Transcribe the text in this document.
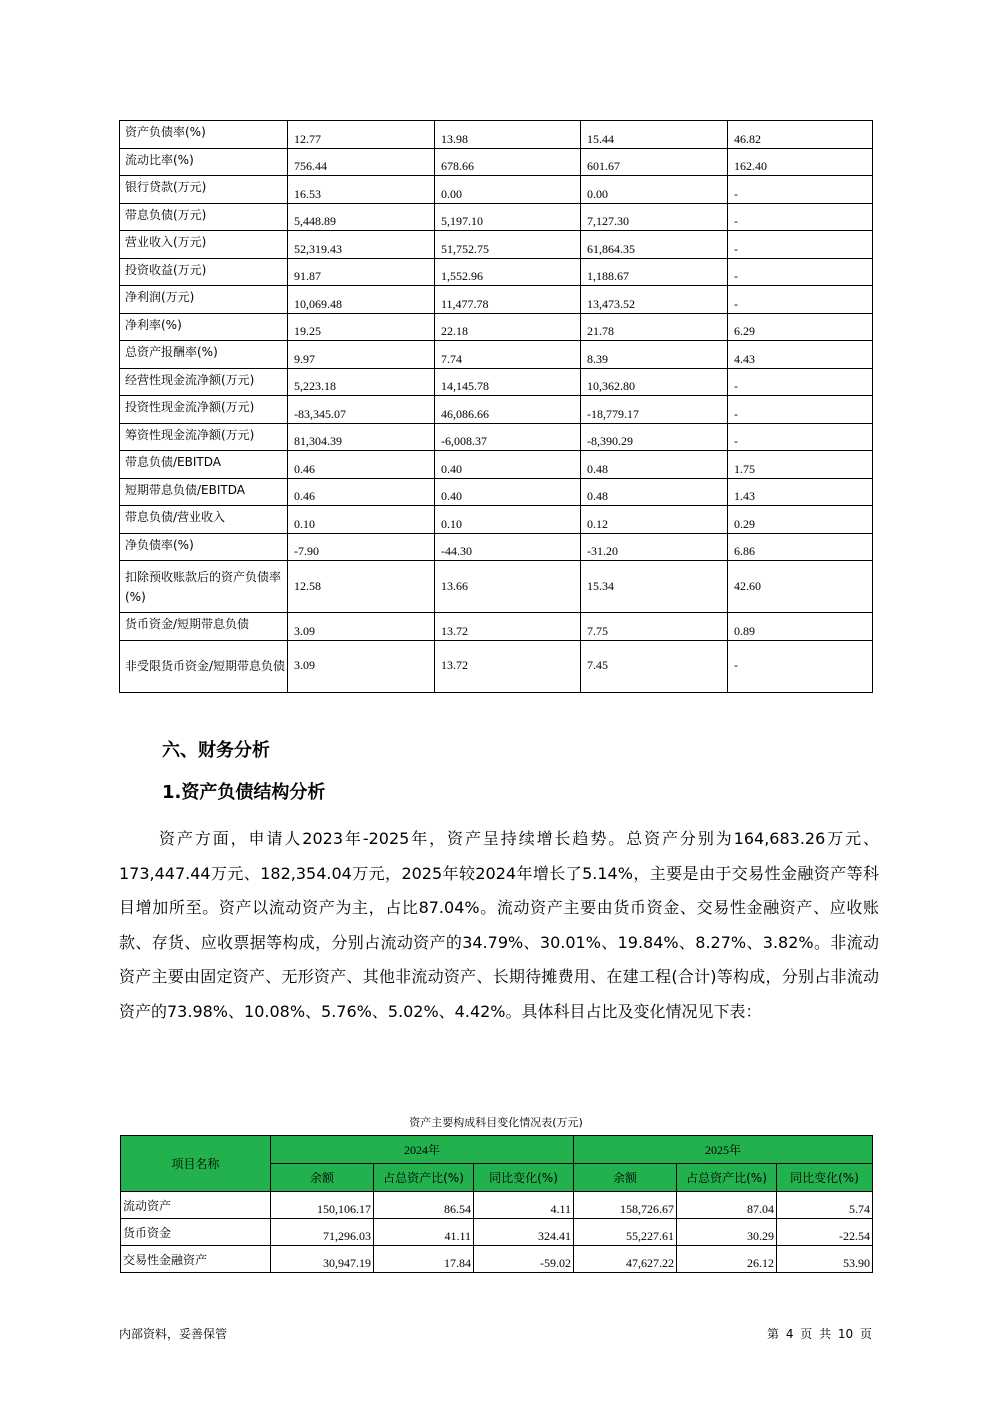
资产负债率(%)	12.77	13.98	15.44	46.82
流动比率(%)	756.44	678.66	601.67	162.40
银行贷款(万元)	16.53	0.00	0.00	-
带息负债(万元)	5,448.89	5,197.10	7,127.30	-
营业收入(万元)	52,319.43	51,752.75	61,864.35	-
投资收益(万元)	91.87	1,552.96	1,188.67	-
净利润(万元)	10,069.48	11,477.78	13,473.52	-
净利率(%)	19.25	22.18	21.78	6.29
总资产报酬率(%)	9.97	7.74	8.39	4.43
经营性现金流净额(万元)	5,223.18	14,145.78	10,362.80	-
投资性现金流净额(万元)	-83,345.07	46,086.66	-18,779.17	-
筹资性现金流净额(万元)	81,304.39	-6,008.37	-8,390.29	-
带息负债/EBITDA	0.46	0.40	0.48	1.75
短期带息负债/EBITDA	0.46	0.40	0.48	1.43
带息负债/营业收入	0.10	0.10	0.12	0.29
净负债率(%)	-7.90	-44.30	-31.20	6.86
扣除预收账款后的资产负债率(%)	12.58	13.66	15.34	42.60
货币资金/短期带息负债	3.09	13.72	7.75	0.89
非受限货币资金/短期带息负债	3.09	13.72	7.45	-
六、财务分析
1.资产负债结构分析

资产方面，申请人2023年-2025年，资产呈持续增长趋势。总资产分别为164,683.26万元、173,447.44万元、182,354.04万元，2025年较2024年增长了5.14%，主要是由于交易性金融资产等科目增加所至。资产以流动资产为主，占比87.04%。流动资产主要由货币资金、交易性金融资产、应收账款、存货、应收票据等构成，分别占流动资产的34.79%、30.01%、19.84%、8.27%、3.82%。非流动资产主要由固定资产、无形资产、其他非流动资产、长期待摊费用、在建工程(合计)等构成，分别占非流动资产的73.98%、10.08%、5.76%、5.02%、4.42%。具体科目占比及变化情况见下表：

资产主要构成科目变化情况表(万元)
项目名称	2024年			2025年		
	余额	占总资产比(%)	同比变化(%)	余额	占总资产比(%)	同比变化(%)
流动资产	150,106.17	86.54	4.11	158,726.67	87.04	5.74
货币资金	71,296.03	41.11	324.41	55,227.61	30.29	-22.54
交易性金融资产	30,947.19	17.84	-59.02	47,627.22	26.12	53.90
内部资料，妥善保管	第 4 页 共 10 页
